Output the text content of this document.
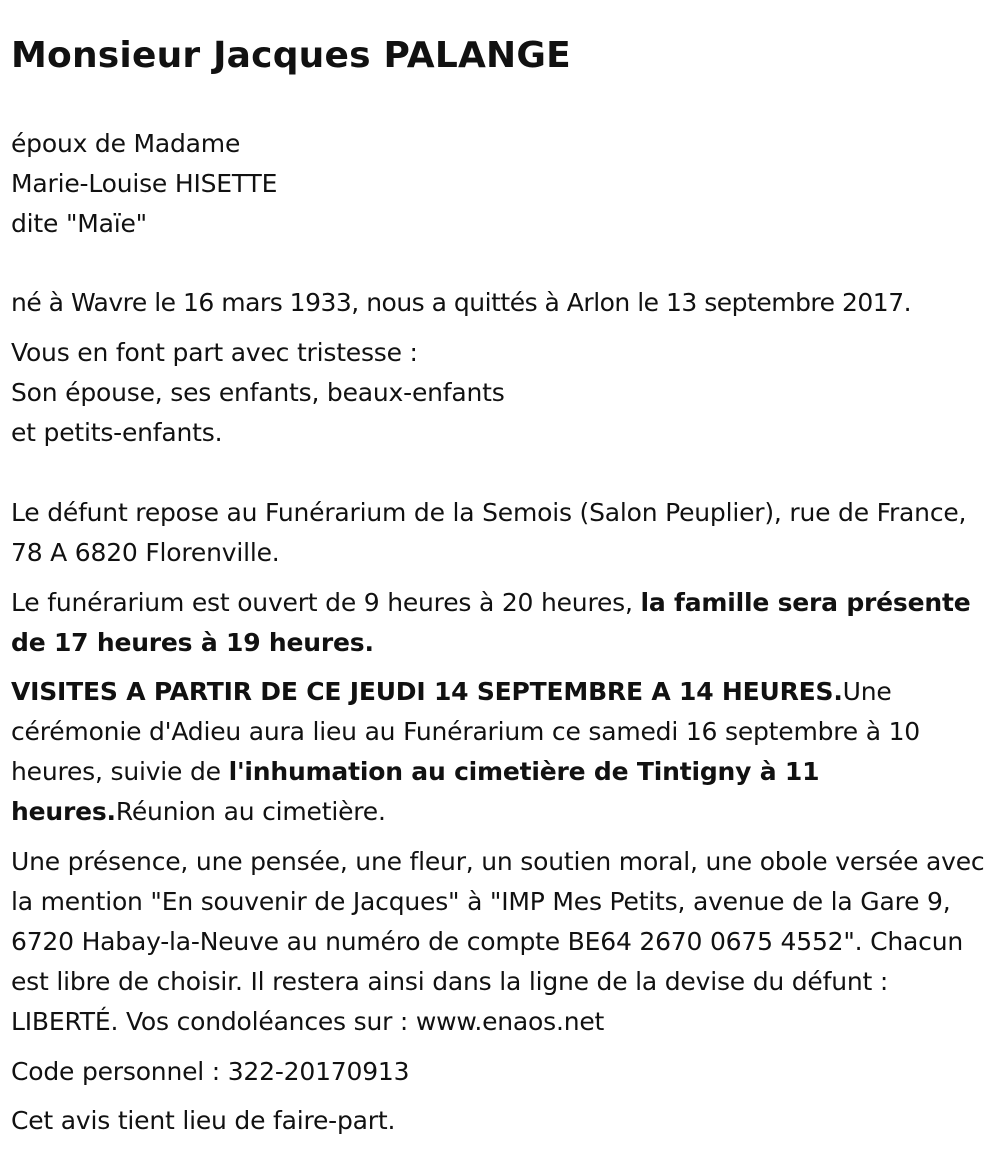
Monsieur Jacques PALANGE
époux de Madame
Marie-Louise HISETTE
dite "Maïe"
né à Wavre le 16 mars 1933, nous a quittés à Arlon le 13 septembre 2017.
Vous en font part avec tristesse :
Son épouse, ses enfants, beaux-enfants
et petits-enfants.
Le défunt repose au Funérarium de la Semois (Salon Peuplier), rue de France, 78 A 6820 Florenville.
Le funérarium est ouvert de 9 heures à 20 heures, la famille sera présente de 17 heures à 19 heures.
VISITES A PARTIR DE CE JEUDI 14 SEPTEMBRE A 14 HEURES.Une cérémonie d'Adieu aura lieu au Funérarium ce samedi 16 septembre à 10 heures, suivie de l'inhumation au cimetière de Tintigny à 11 heures.Réunion au cimetière.
Une présence, une pensée, une fleur, un soutien moral, une obole versée avec la mention "En souvenir de Jacques" à "IMP Mes Petits, avenue de la Gare 9, 6720 Habay-la-Neuve au numéro de compte BE64 2670 0675 4552". Chacun est libre de choisir. Il restera ainsi dans la ligne de la devise du défunt : LIBERTÉ. Vos condoléances sur : www.enaos.net
Code personnel : 322-20170913
Cet avis tient lieu de faire-part.
